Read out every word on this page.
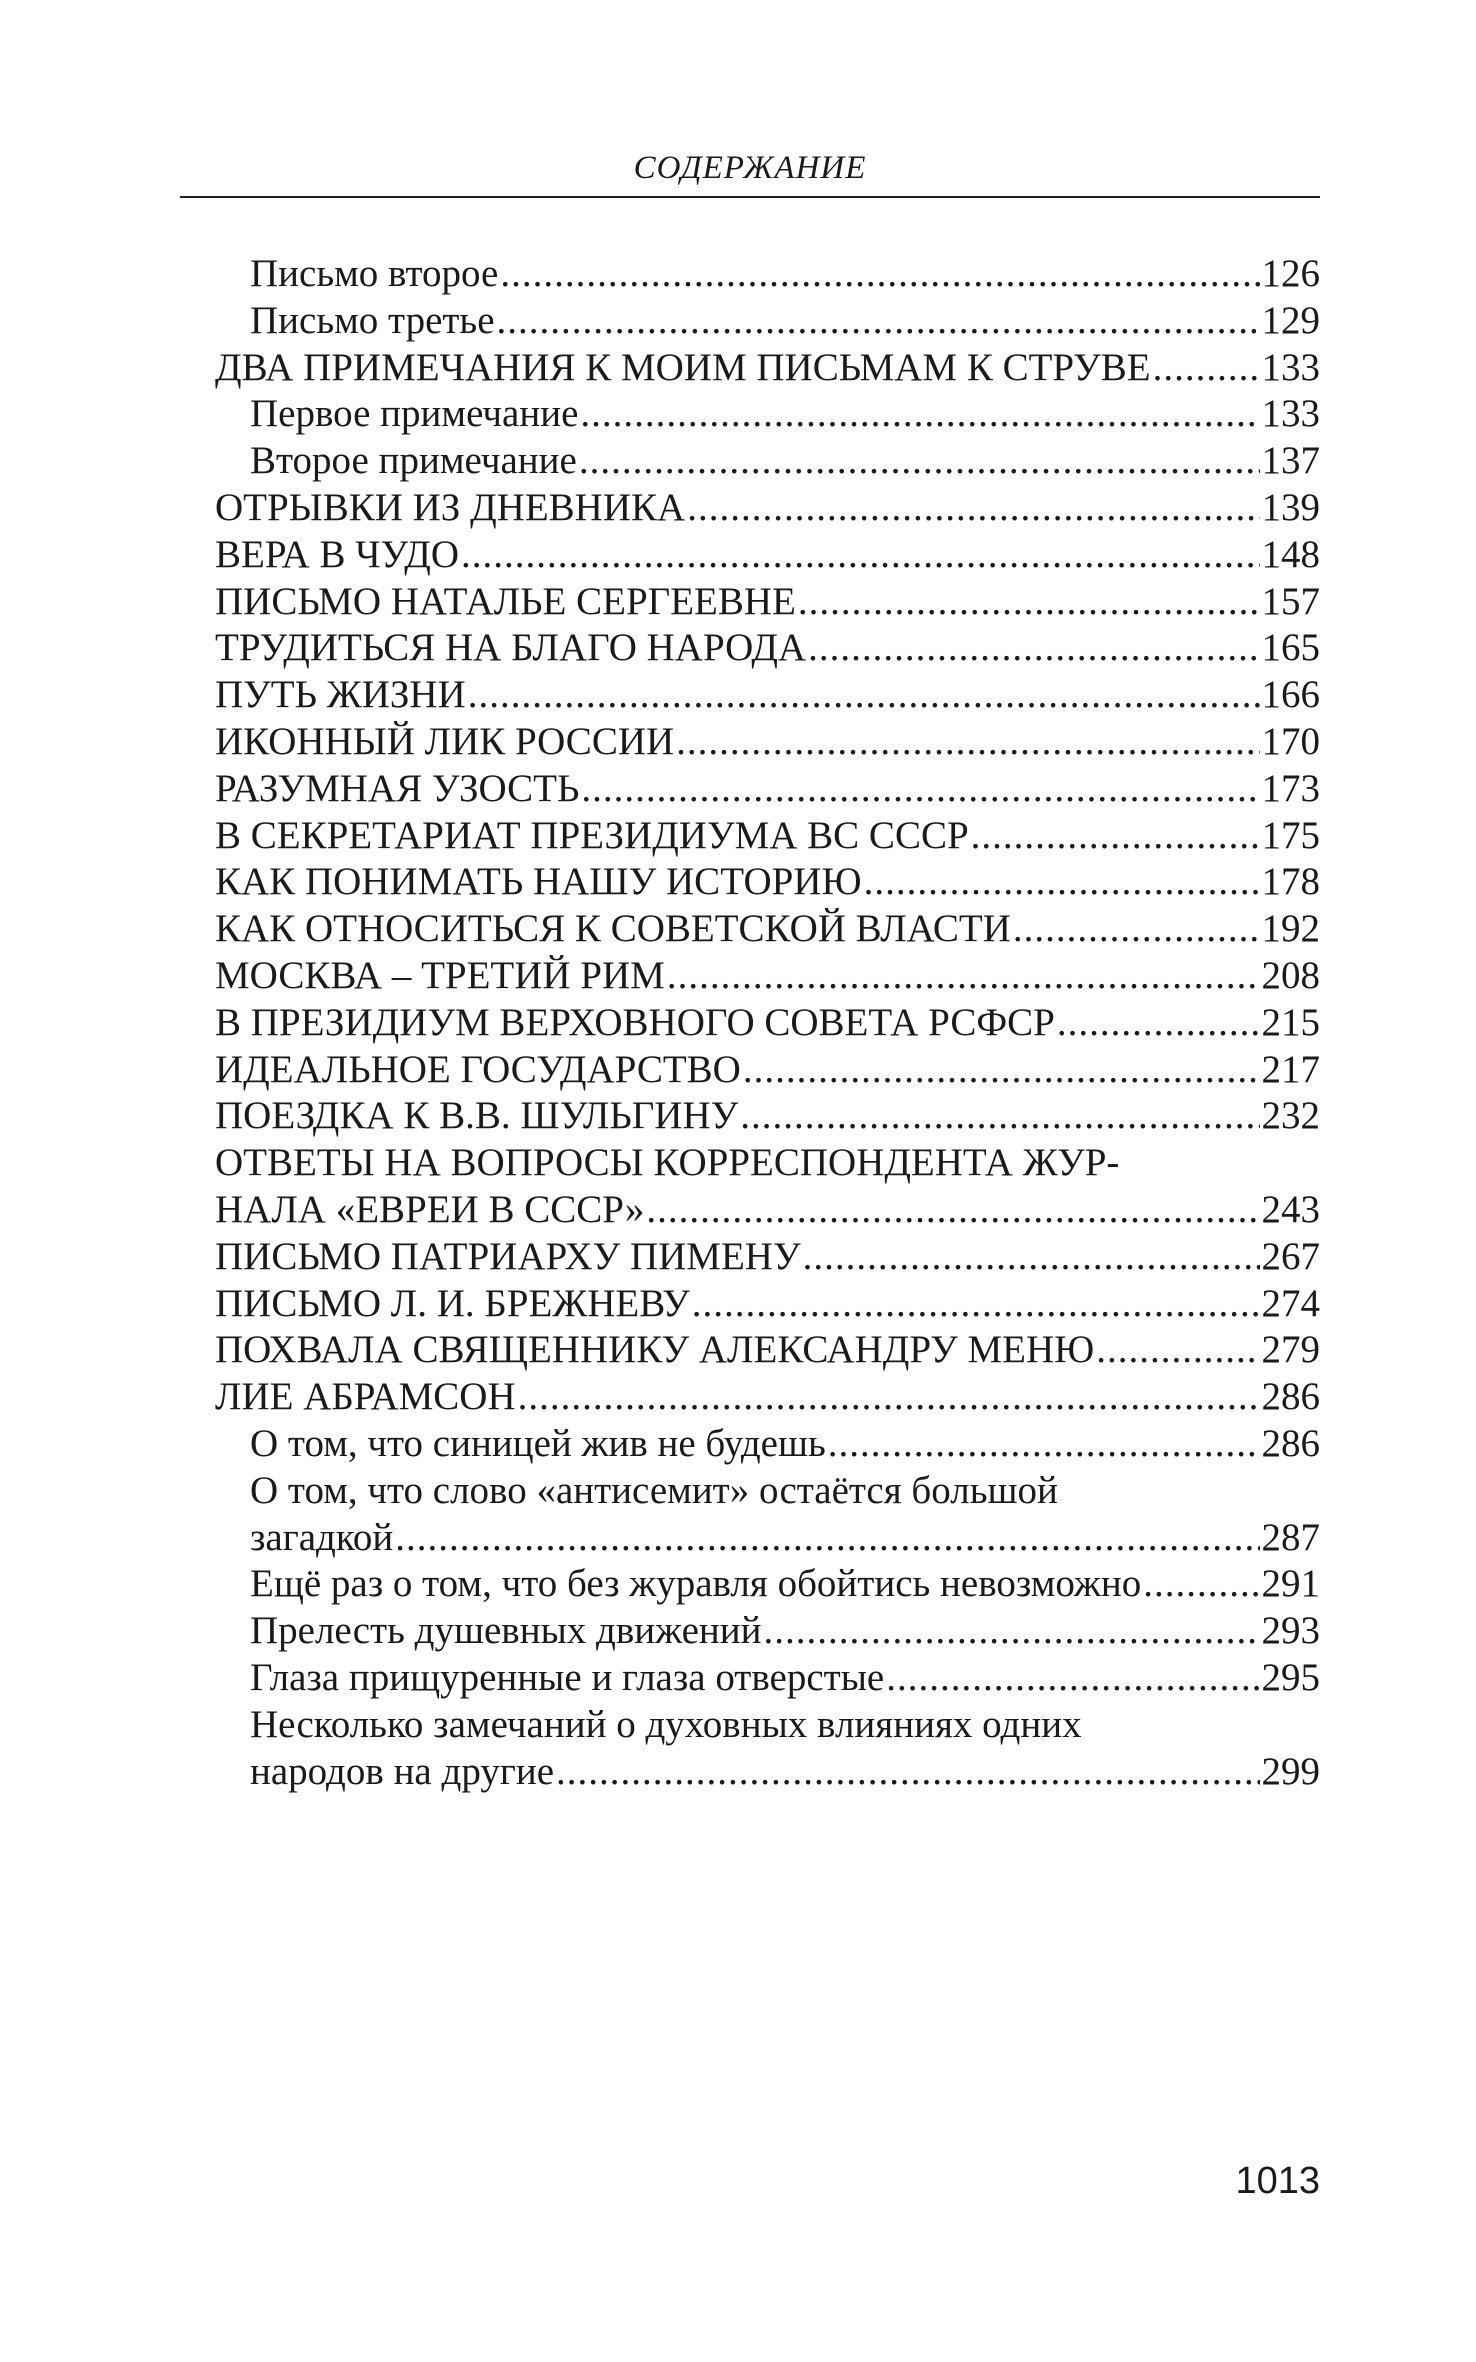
СОДЕРЖАНИЕ
Письмо второе .....	126
Письмо третье .....	129
ДВА ПРИМЕЧАНИЯ К МОИМ ПИСЬМАМ К СТРУВЕ .....	133
Первое примечание .....	133
Второе примечание .....	137
ОТРЫВКИ ИЗ ДНЕВНИКА .....	139
ВЕРА В ЧУДО .....	148
ПИСЬМО НАТАЛЬЕ СЕРГЕЕВНЕ .....	157
ТРУДИТЬСЯ НА БЛАГО НАРОДА .....	165
ПУТЬ ЖИЗНИ .....	166
ИКОННЫЙ ЛИК РОССИИ .....	170
РАЗУМНАЯ УЗОСТЬ .....	173
В СЕКРЕТАРИАТ ПРЕЗИДИУМА ВС СССР .....	175
КАК ПОНИМАТЬ НАШУ ИСТОРИЮ .....	178
КАК ОТНОСИТЬСЯ К СОВЕТСКОЙ ВЛАСТИ .....	192
МОСКВА – ТРЕТИЙ РИМ .....	208
В ПРЕЗИДИУМ ВЕРХОВНОГО СОВЕТА РСФСР .....	215
ИДЕАЛЬНОЕ ГОСУДАРСТВО .....	217
ПОЕЗДКА К В.В. ШУЛЬГИНУ .....	232
ОТВЕТЫ НА ВОПРОСЫ КОРРЕСПОНДЕНТА ЖУР-
НАЛА «ЕВРЕИ В СССР» .....	243
ПИСЬМО ПАТРИАРХУ ПИМЕНУ .....	267
ПИСЬМО Л. И. БРЕЖНЕВУ .....	274
ПОХВАЛА СВЯЩЕННИКУ АЛЕКСАНДРУ МЕНЮ .....	279
ЛИЕ АБРАМСОН .....	286
О том, что синицей жив не будешь .....	286
О том, что слово «антисемит» остаётся большой
загадкой .....	287
Ещё раз о том, что без журавля обойтись невозможно .....	291
Прелесть душевных движений .....	293
Глаза прищуренные и глаза отверстые .....	295
Несколько замечаний о духовных влияниях одних
народов на другие .....	299
1013
